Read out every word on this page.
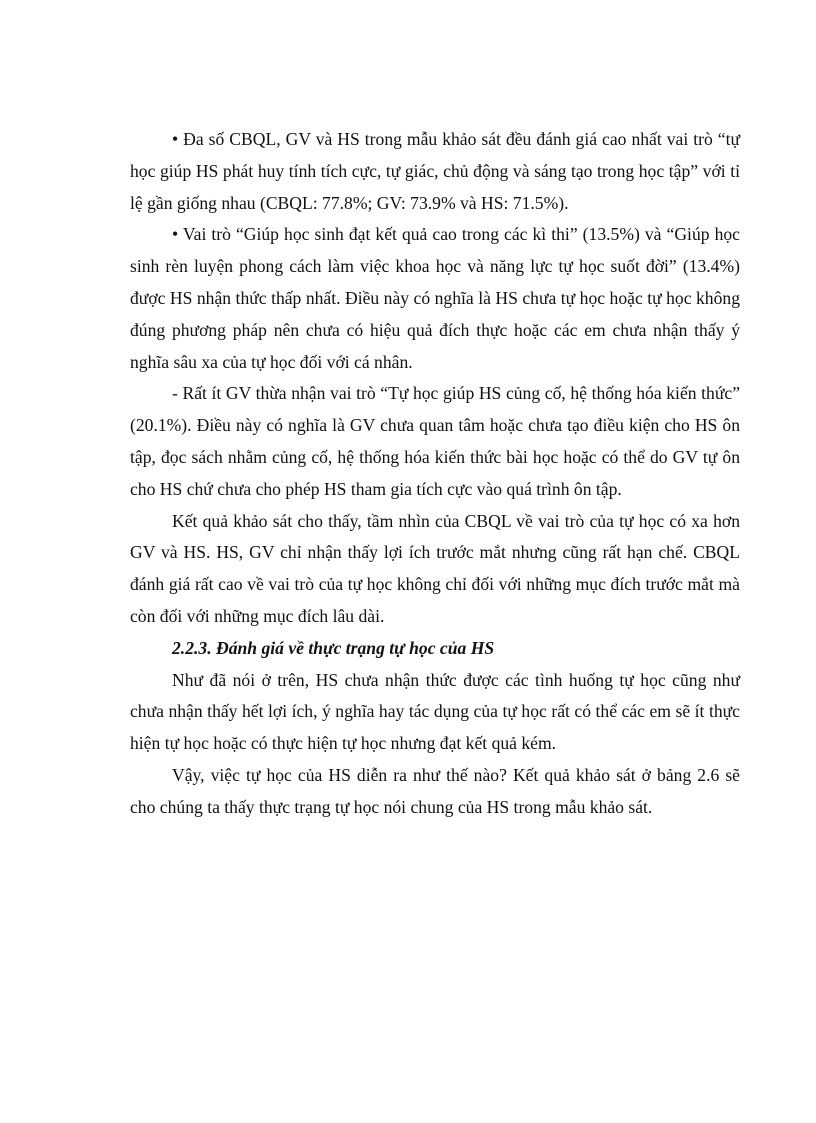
• Đa số CBQL, GV và HS trong mẫu khảo sát đều đánh giá cao nhất vai trò “tự học giúp HS phát huy tính tích cực, tự giác, chủ động và sáng tạo trong học tập” với tỉ lệ gần giống nhau (CBQL: 77.8%; GV: 73.9% và HS: 71.5%).

• Vai trò “Giúp học sinh đạt kết quả cao trong các kì thi” (13.5%) và “Giúp học sinh rèn luyện phong cách làm việc khoa học và năng lực tự học suốt đời” (13.4%) được HS nhận thức thấp nhất. Điều này có nghĩa là HS chưa tự học hoặc tự học không đúng phương pháp nên chưa có hiệu quả đích thực hoặc các em chưa nhận thấy ý nghĩa sâu xa của tự học đối với cá nhân.

- Rất ít GV thừa nhận vai trò “Tự học giúp HS củng cố, hệ thống hóa kiến thức” (20.1%). Điều này có nghĩa là GV chưa quan tâm hoặc chưa tạo điều kiện cho HS ôn tập, đọc sách nhằm củng cố, hệ thống hóa kiến thức bài học hoặc có thể do GV tự ôn cho HS chứ chưa cho phép HS tham gia tích cực vào quá trình ôn tập.

Kết quả khảo sát cho thấy, tầm nhìn của CBQL về vai trò của tự học có xa hơn GV và HS. HS, GV chỉ nhận thấy lợi ích trước mắt nhưng cũng rất hạn chế. CBQL đánh giá rất cao về vai trò của tự học không chỉ đối với những mục đích trước mắt mà còn đối với những mục đích lâu dài.

2.2.3. Đánh giá về thực trạng tự học của HS

Như đã nói ở trên, HS chưa nhận thức được các tình huống tự học cũng như chưa nhận thấy hết lợi ích, ý nghĩa hay tác dụng của tự học rất có thể các em sẽ ít thực hiện tự học hoặc có thực hiện tự học nhưng đạt kết quả kém.

Vậy, việc tự học của HS diễn ra như thế nào? Kết quả khảo sát ở bảng 2.6 sẽ cho chúng ta thấy thực trạng tự học nói chung của HS trong mẫu khảo sát.
